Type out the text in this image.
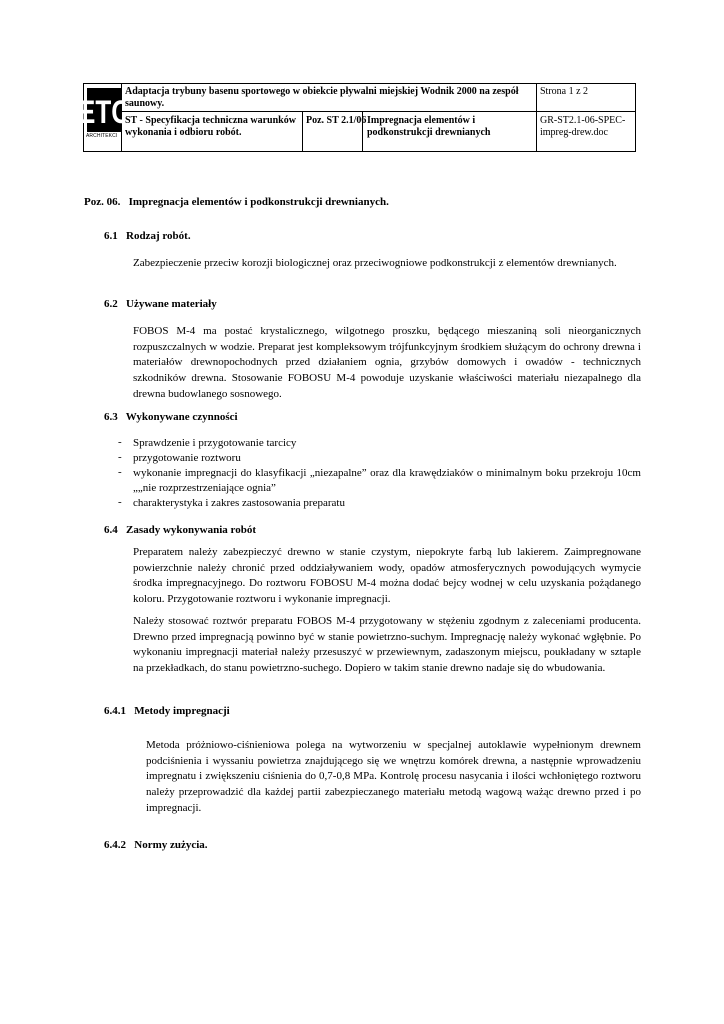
ETC
ARCHITEKCI
Adaptacja trybuny basenu sportowego w obiekcie pływalni miejskiej Wodnik 2000 na zespół saunowy.
Strona 1 z 2
ST - Specyfikacja techniczna warunków wykonania i odbioru robót.
Poz. ST 2.1/06 Impregnacja elementów i podkonstrukcji drewnianych
GR-ST2.1-06-SPEC-impreg-drew.doc
Poz. 06.   Impregnacja elementów i podkonstrukcji drewnianych.
6.1   Rodzaj robót.
Zabezpieczenie przeciw korozji biologicznej oraz przeciwogniowe podkonstrukcji z elementów drewnianych.
6.2   Używane materiały
FOBOS M-4 ma postać krystalicznego, wilgotnego proszku, będącego mieszaniną soli nieorganicznych rozpuszczalnych w wodzie. Preparat jest kompleksowym trójfunkcyjnym środkiem służącym do ochrony drewna i materiałów drewnopochodnych przed działaniem ognia, grzybów domowych i owadów - technicznych szkodników drewna. Stosowanie FOBOSU M-4 powoduje uzyskanie właściwości materiału niezapalnego dla drewna budowlanego sosnowego.
6.3   Wykonywane czynności
- Sprawdzenie i przygotowanie tarcicy
- przygotowanie roztworu
- wykonanie impregnacji do klasyfikacji „niezapalne” oraz dla krawędziaków o minimalnym boku przekroju 10cm „„nie rozprzestrzeniające ognia”
- charakterystyka i zakres zastosowania preparatu
6.4   Zasady wykonywania robót
Preparatem należy zabezpieczyć drewno w stanie czystym, niepokryte farbą lub lakierem. Zaimpregnowane powierzchnie należy chronić przed oddziaływaniem wody, opadów atmosferycznych powodujących wymycie środka impregnacyjnego. Do roztworu FOBOSU M-4 można dodać bejcy wodnej w celu uzyskania pożądanego koloru. Przygotowanie roztworu i wykonanie impregnacji.
Należy stosować roztwór preparatu FOBOS M-4 przygotowany w stężeniu zgodnym z zaleceniami producenta. Drewno przed impregnacją powinno być w stanie powietrzno-suchym. Impregnację należy wykonać wgłębnie. Po wykonaniu impregnacji materiał należy przesuszyć w przewiewnym, zadaszonym miejscu, poukładany w sztaple na przekładkach, do stanu powietrzno-suchego. Dopiero w takim stanie drewno nadaje się do wbudowania.
6.4.1   Metody impregnacji
Metoda próżniowo-ciśnieniowa polega na wytworzeniu w specjalnej autoklawie wypełnionym drewnem podciśnienia i wyssaniu powietrza znajdującego się we wnętrzu komórek drewna, a następnie wprowadzeniu impregnatu i zwiększeniu ciśnienia do 0,7-0,8 MPa. Kontrolę procesu nasycania i ilości wchłoniętego roztworu należy przeprowadzić dla każdej partii zabezpieczanego materiału metodą wagową ważąc drewno przed i po impregnacji.
6.4.2   Normy zużycia.
